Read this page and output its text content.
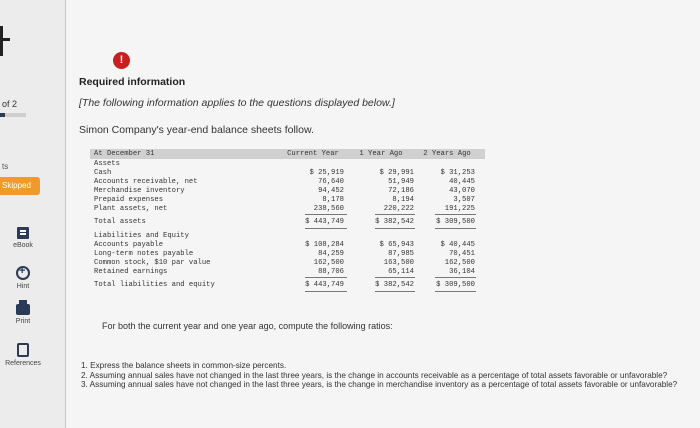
of 2
ts
Skipped
eBook
+
Hint
Print
References
!
Required information
[The following information applies to the questions displayed below.]
Simon Company's year-end balance sheets follow.
At December 31	Current Year	1 Year Ago	2 Years Ago
Assets
Cash	$ 25,919	$ 29,991	$ 31,253
Accounts receivable, net	76,640	51,949	40,445
Merchandise inventory	94,452	72,186	43,070
Prepaid expenses	8,178	8,194	3,507
Plant assets, net	238,560	220,222	191,225
Total assets	$ 443,749	$ 382,542	$ 309,500
Liabilities and Equity
Accounts payable	$ 108,284	$ 65,943	$ 40,445
Long-term notes payable	84,259	87,985	70,451
Common stock, $10 par value	162,500	163,500	162,500
Retained earnings	88,706	65,114	36,104
Total liabilities and equity	$ 443,749	$ 382,542	$ 309,500
For both the current year and one year ago, compute the following ratios:

1. Express the balance sheets in common-size percents.

2. Assuming annual sales have not changed in the last three years, is the change in accounts receivable as a percentage of total assets favorable or unfavorable?

3. Assuming annual sales have not changed in the last three years, is the change in merchandise inventory as a percentage of total assets favorable or unfavorable?
